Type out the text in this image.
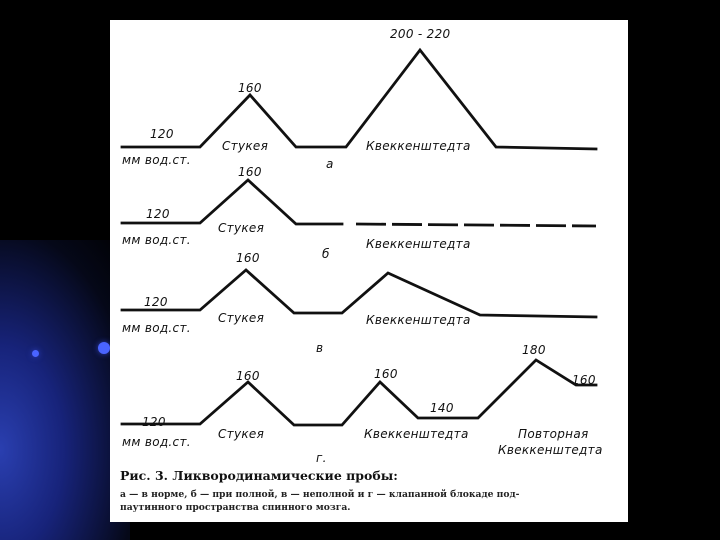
120
мм вод.ст.
160
Стукея
а
Квеккенштедта
200 - 220
120
мм вод.ст.
160
Стукея
б
Квеккенштедта
120
мм вод.ст.
160
Стукея
в
Квеккенштедта
120
мм вод.ст.
160
Стукея
г.
160
Квеккенштедта
140
180
160
Повторная
Квеккенштедта
Рис. 3. Ликвородинамические пробы:
а — в норме, б — при полной, в — неполной и г — клапанной блокаде под-
паутинного пространства спинного мозга.
